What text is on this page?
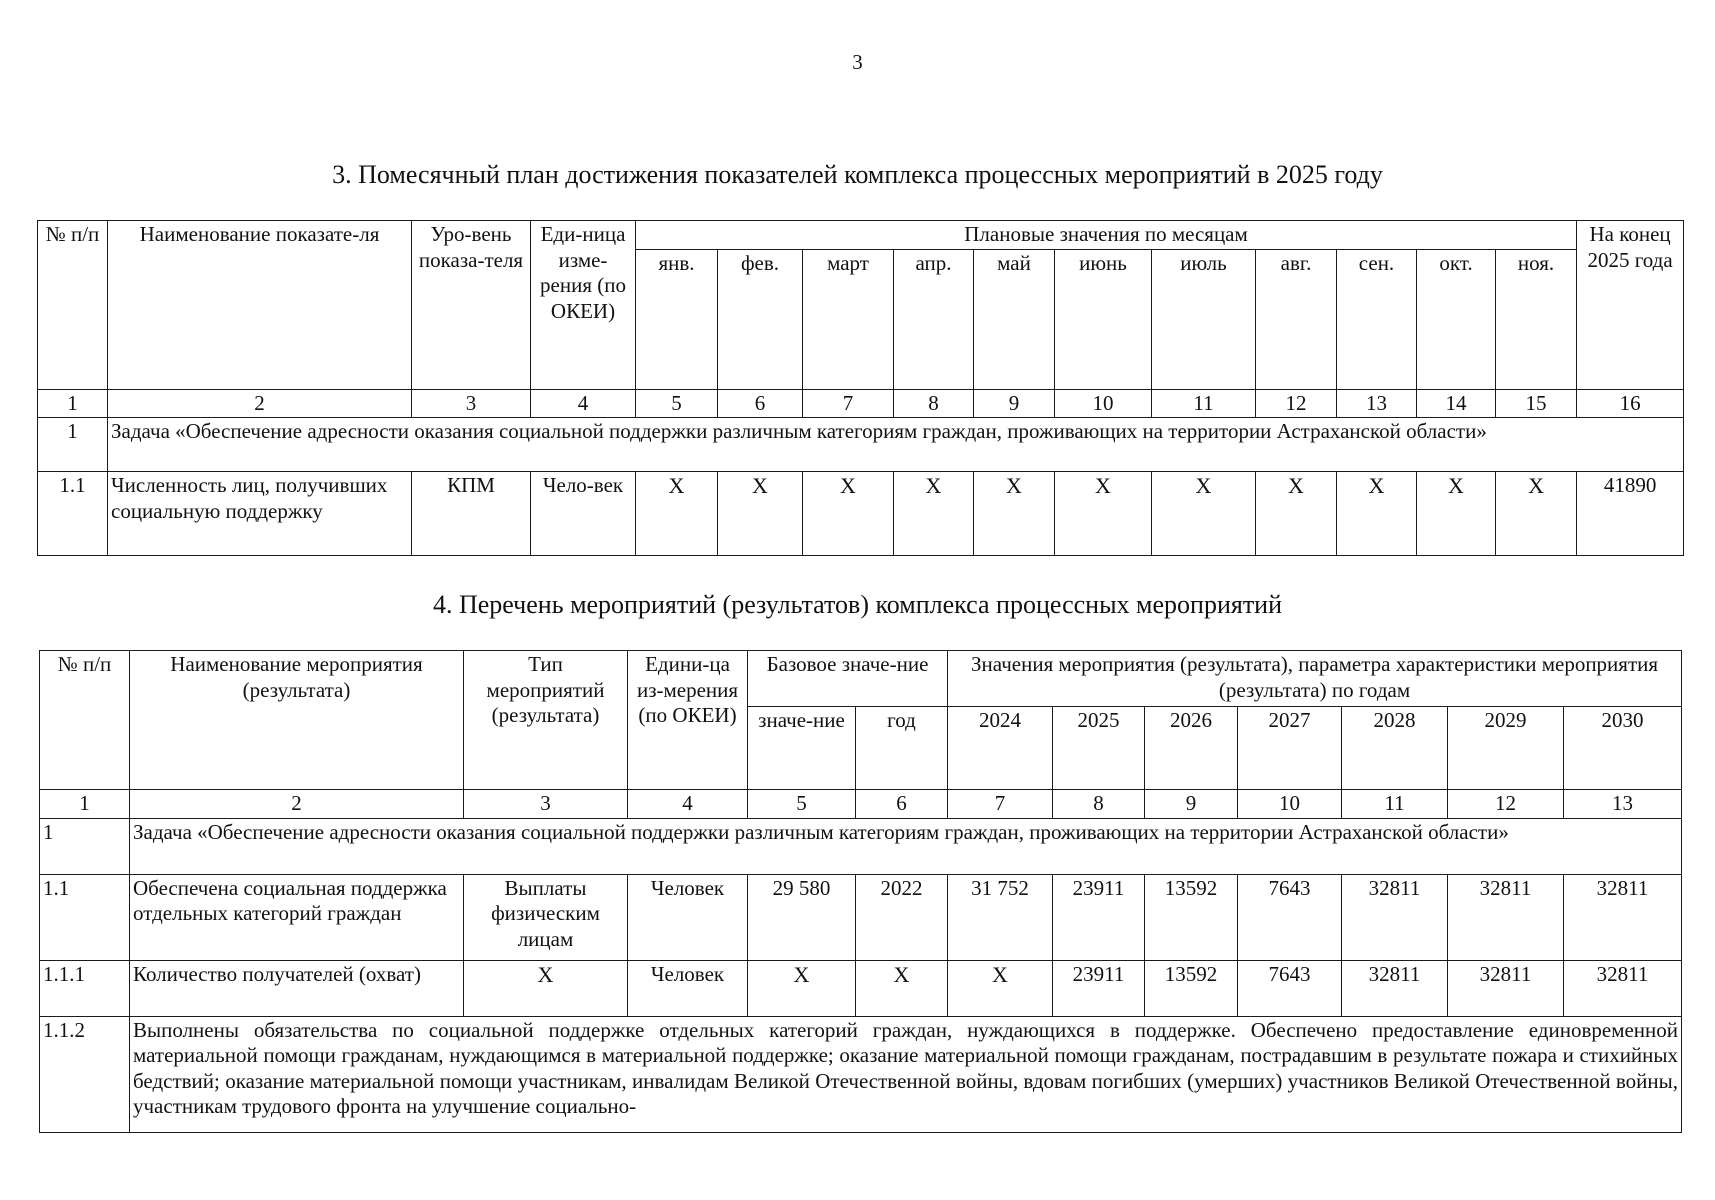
3
3. Помесячный план достижения показателей комплекса процессных мероприятий в 2025 году
№ п/п	Наименование показате-ля	Уро-вень показа-теля	Еди-ница изме-рения (по ОКЕИ)	Плановые значения по месяцам											На конец 2025 года
				янв.	фев.	март	апр.	май	июнь	июль	авг.	сен.	окт.	ноя.	
1	2	3	4	5	6	7	8	9	10	11	12	13	14	15	16
1	Задача «Обеспечение адресности оказания социальной поддержки различным категориям граждан, проживающих на территории Астраханской области»														
1.1	Численность лиц, получивших социальную поддержку	КПМ	Чело-век	Х	Х	Х	Х	Х	Х	Х	Х	Х	Х	Х	41890
4. Перечень мероприятий (результатов) комплекса процессных мероприятий
№ п/п	Наименование мероприятия (результата)	Тип мероприятий (результата)	Едини-ца из-мерения (по ОКЕИ)	Базовое значе-ние		Значения мероприятия (результата), параметра характеристики мероприятия (результата) по годам						
				значе-ние	год	2024	2025	2026	2027	2028	2029	2030
1	2	3	4	5	6	7	8	9	10	11	12	13
1	Задача «Обеспечение адресности оказания социальной поддержки различным категориям граждан, проживающих на территории Астраханской области»											
1.1	Обеспечена социальная поддержка отдельных категорий граждан	Выплаты физическим лицам	Человек	29 580	2022	31 752	23911	13592	7643	32811	32811	32811
1.1.1	Количество получателей (охват)	Х	Человек	Х	Х	Х	23911	13592	7643	32811	32811	32811
1.1.2	Выполнены обязательства по социальной поддержке отдельных категорий граждан, нуждающихся в поддержке. Обеспечено предоставление единовременной материальной помощи гражданам, нуждающимся в материальной поддержке; оказание материальной помощи гражданам, пострадавшим в результате пожара и стихийных бедствий; оказание материальной помощи участникам, инвалидам Великой Отечественной войны, вдовам погибших (умерших) участников Великой Отечественной войны, участникам трудового фронта на улучшение социально-											
